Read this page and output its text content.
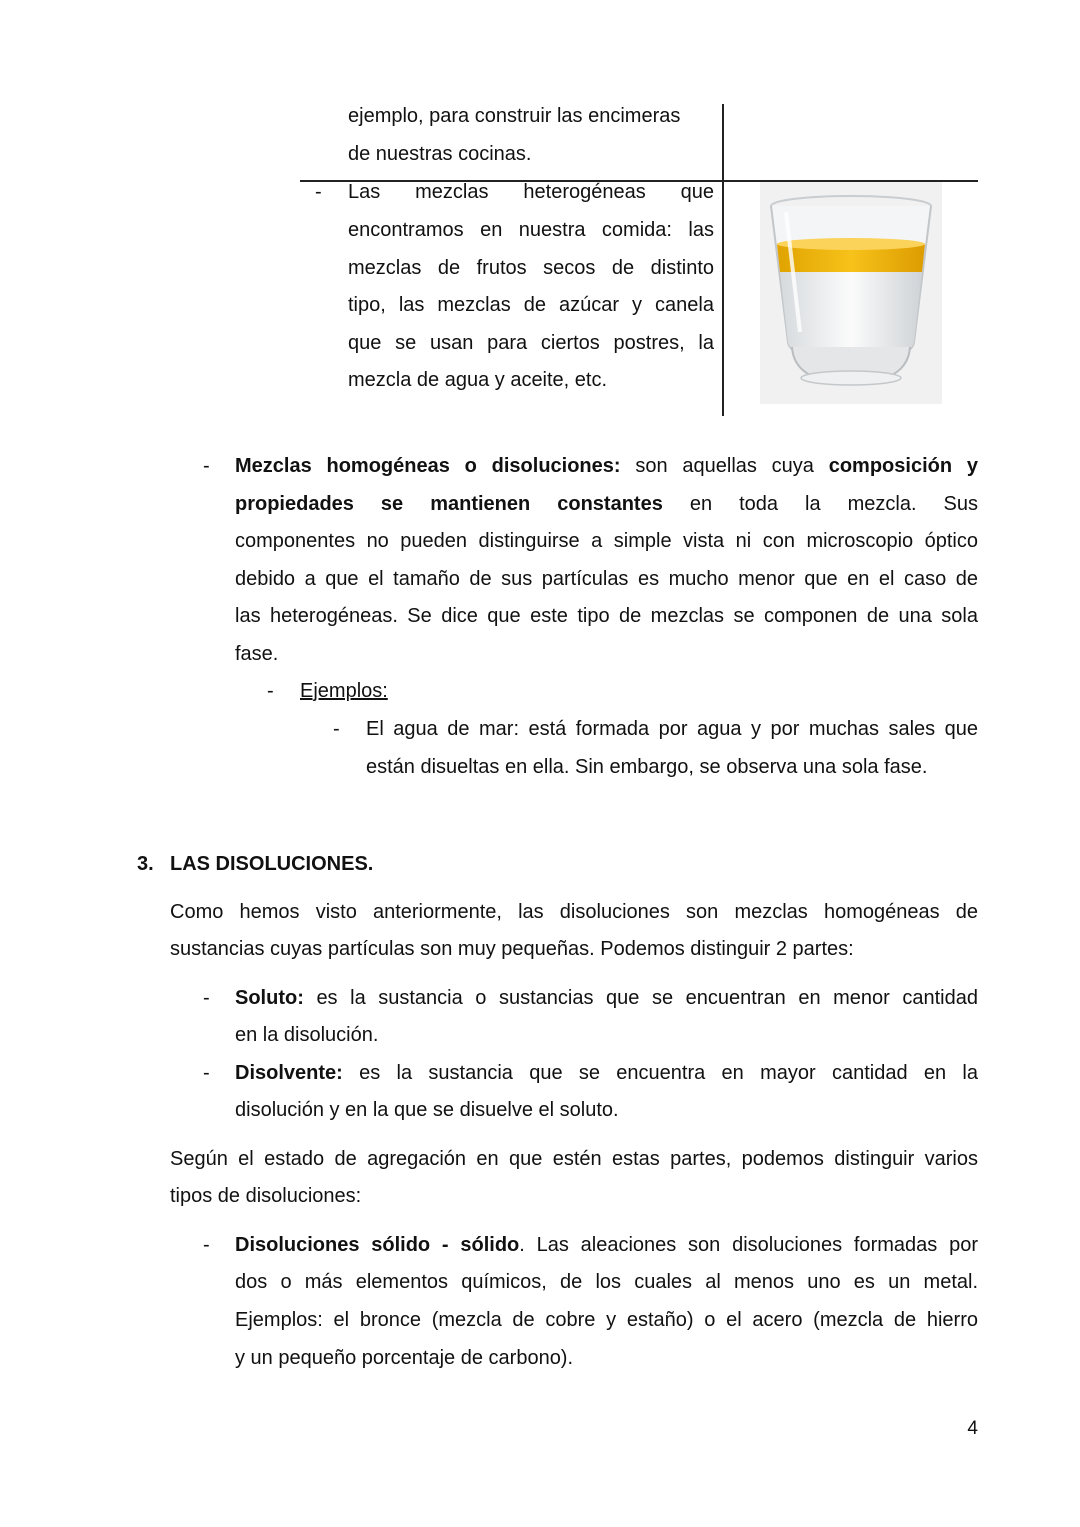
ejemplo, para construir las encimeras
de nuestras cocinas.
- Las mezclas heterogéneas que
encontramos en nuestra comida: las
mezclas de frutos secos de distinto
tipo, las mezclas de azúcar y canela
que se usan para ciertos postres, la
mezcla de agua y aceite, etc.
- Mezclas homogéneas o disoluciones: son aquellas cuya composición y
propiedades se mantienen constantes en toda la mezcla. Sus
componentes no pueden distinguirse a simple vista ni con microscopio óptico
debido a que el tamaño de sus partículas es mucho menor que en el caso de
las heterogéneas. Se dice que este tipo de mezclas se componen de una sola
fase.
- Ejemplos:
- El agua de mar: está formada por agua y por muchas sales que
están disueltas en ella. Sin embargo, se observa una sola fase.
3. LAS DISOLUCIONES.
Como hemos visto anteriormente, las disoluciones son mezclas homogéneas de
sustancias cuyas partículas son muy pequeñas. Podemos distinguir 2 partes:
- Soluto: es la sustancia o sustancias que se encuentran en menor cantidad
en la disolución.
- Disolvente: es la sustancia que se encuentra en mayor cantidad en la
disolución y en la que se disuelve el soluto.
Según el estado de agregación en que estén estas partes, podemos distinguir varios
tipos de disoluciones:
- Disoluciones sólido - sólido. Las aleaciones son disoluciones formadas por
dos o más elementos químicos, de los cuales al menos uno es un metal.
Ejemplos: el bronce (mezcla de cobre y estaño) o el acero (mezcla de hierro
y un pequeño porcentaje de carbono).
4
